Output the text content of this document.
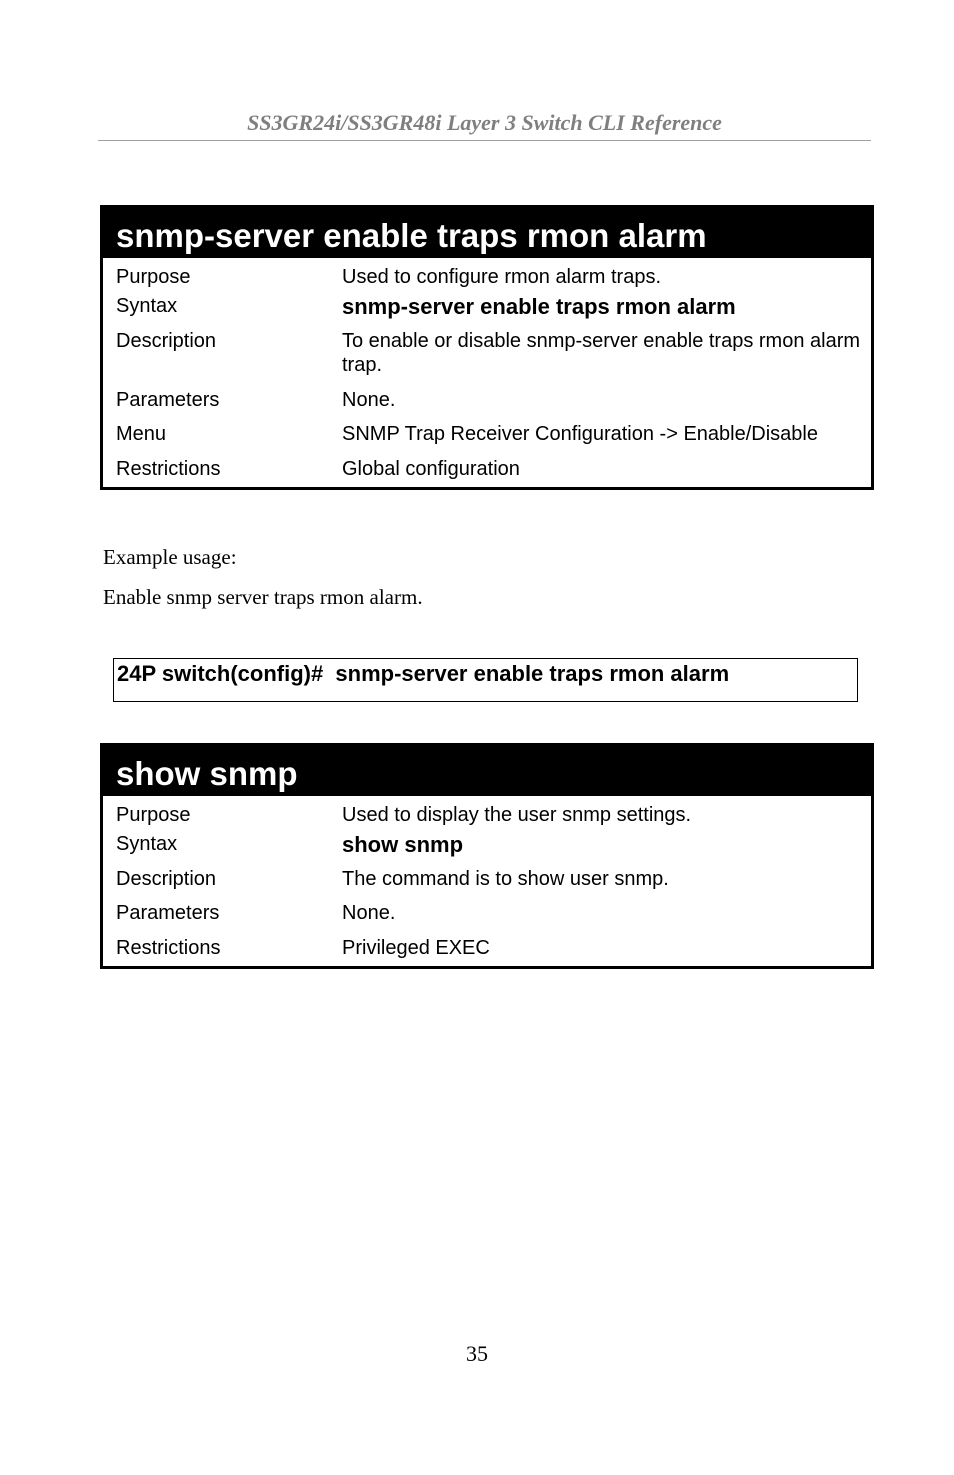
SS3GR24i/SS3GR48i Layer 3 Switch CLI Reference
snmp-server enable traps rmon alarm
Purpose	Used to configure rmon alarm traps.
Syntax	snmp-server enable traps rmon alarm
Description	To enable or disable snmp-server enable traps rmon alarm trap.
Parameters	None.
Menu	SNMP Trap Receiver Configuration -> Enable/Disable
Restrictions	Global configuration
Example usage:
Enable snmp server traps rmon alarm.
24P switch(config)#  snmp-server enable traps rmon alarm
show snmp
Purpose	Used to display the user snmp settings.
Syntax	show snmp
Description	The command is to show user snmp.
Parameters	None.
Restrictions	Privileged EXEC
35
